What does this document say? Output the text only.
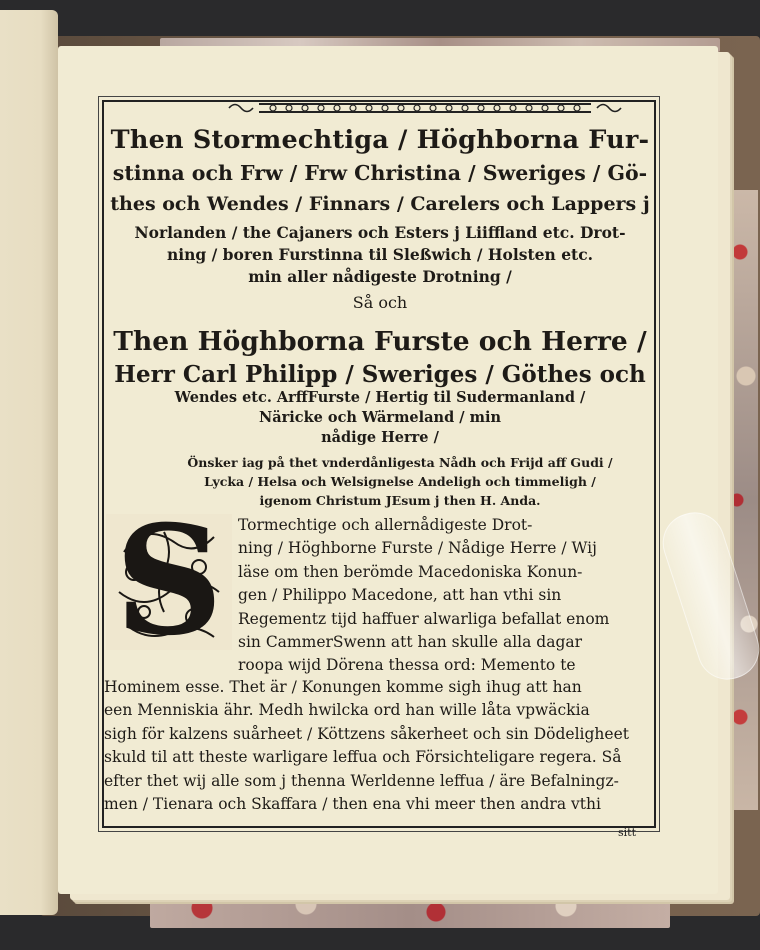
Then Stormechtiga / Höghborna Fur-
stinna och Frw / Frw Christina / Sweriges / Gö-
thes och Wendes / Finnars / Carelers och Lappers j
Norlanden / the Cajaners och Esters j Liiffland etc. Drot-
ning / boren Furstinna til Sleßwich / Holsten etc.
min aller nådigeste Drotning /
Så och
Then Höghborna Furste och Herre /
Herr Carl Philipp / Sweriges / Göthes och
Wendes etc. ArffFurste / Hertig til Sudermanland /
Näricke och Wärmeland / min
nådige Herre /
Önsker iag på thet vnderdånligesta Nådh och Frijd aff Gudi /
Lycka / Helsa och Welsignelse Andeligh och timmeligh /
igenom Christum JEsum j then H. Anda.
S Tormechtige och allernådigeste Drot-
ning / Höghborne Furste / Nådige Herre / Wij
läse om then berömde Macedoniska Konun-
gen / Philippo Macedone, att han vthi sin
Regementz tijd haffuer alwarliga befallat enom
sin CammerSwenn att han skulle alla dagar
roopa wijd Dörena thessa ord: Memento te
Hominem esse. Thet är / Konungen komme sigh ihug att han
een Menniskia ähr. Medh hwilcka ord han wille låta vpwäckia
sigh för kalzens suårheet / Köttzens såkerheet och sin Dödeligheet
skuld til att theste warligare leffua och Försichteligare regera. Så
efter thet wij alle som j thenna Werldenne leffua / äre Befalningz-
men / Tienara och Skaffara / then ena vhi meer then andra vthi
sitt
